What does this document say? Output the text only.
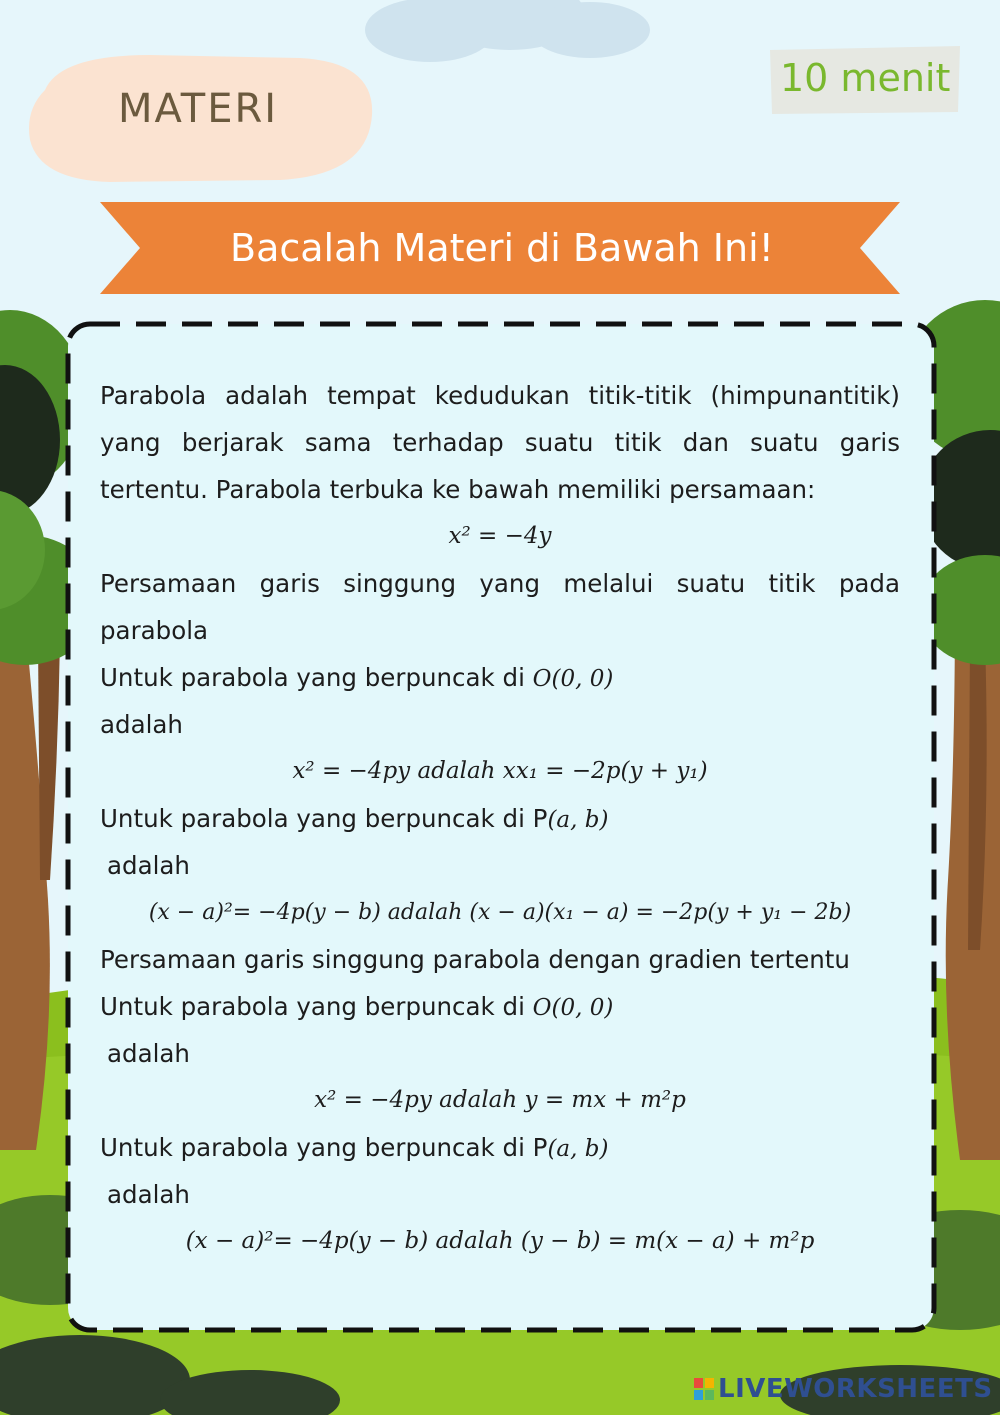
MATERI
10 menit
Bacalah Materi di Bawah Ini!

Parabola adalah tempat kedudukan titik-titik (himpunantitik)

yang berjarak sama terhadap suatu titik dan suatu garis

tertentu. Parabola terbuka ke bawah memiliki persamaan:

x² = −4y

Persamaan garis singgung yang melalui suatu titik pada

parabola

Untuk parabola yang berpuncak di O(0, 0)

adalah

x² = −4py adalah xx₁ = −2p(y + y₁)

Untuk parabola yang berpuncak di P(a, b)

adalah

(x − a)²= −4p(y − b) adalah (x − a)(x₁ − a) = −2p(y + y₁ − 2b)

Persamaan garis singgung parabola dengan gradien tertentu

Untuk parabola yang berpuncak di O(0, 0)

adalah

x² = −4py adalah y = mx + m²p

Untuk parabola yang berpuncak di P(a, b)

adalah

(x − a)²= −4p(y − b) adalah (y − b) = m(x − a) + m²p

LIVEWORKSHEETS
